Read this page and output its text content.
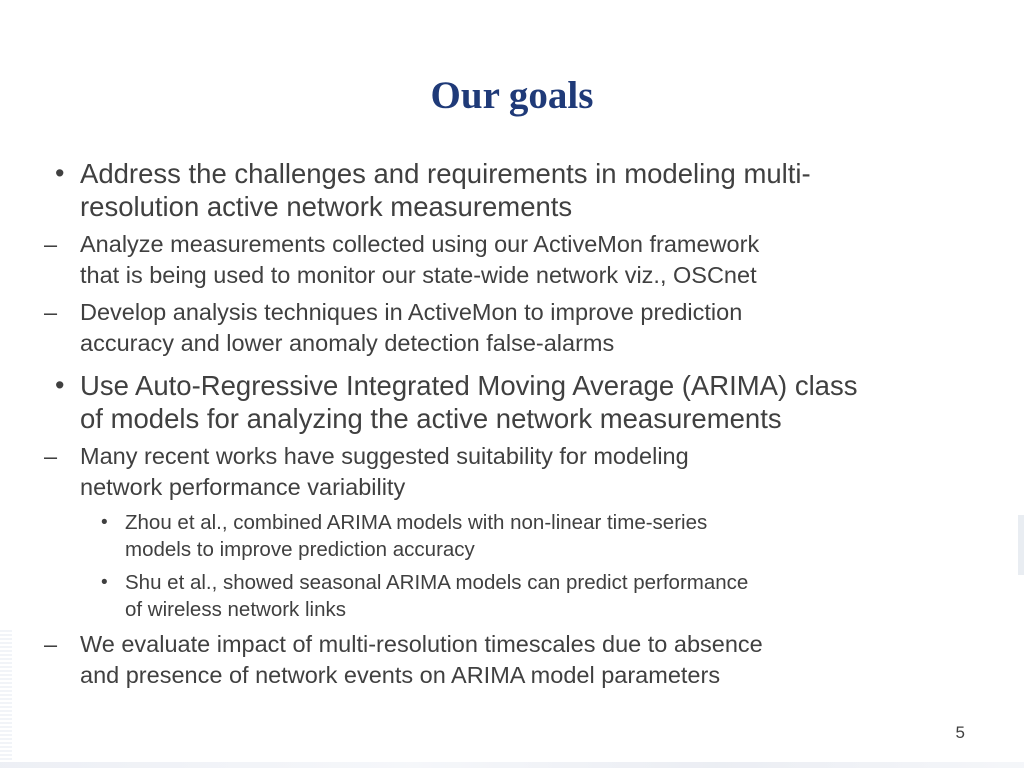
Our goals
• Address the challenges and requirements in modeling multi-
resolution active network measurements
– Analyze measurements collected using our ActiveMon framework
that is being used to monitor our state-wide network viz., OSCnet
– Develop analysis techniques in ActiveMon to improve prediction
accuracy and lower anomaly detection false-alarms
• Use Auto-Regressive Integrated Moving Average (ARIMA) class
of models for analyzing the active network measurements
– Many recent works have suggested suitability for modeling
network performance variability
• Zhou et al., combined ARIMA models with non-linear time-series
models to improve prediction accuracy
• Shu et al., showed seasonal ARIMA models can predict performance
of wireless network links
– We evaluate impact of multi-resolution timescales due to absence
and presence of network events on ARIMA model parameters
5
